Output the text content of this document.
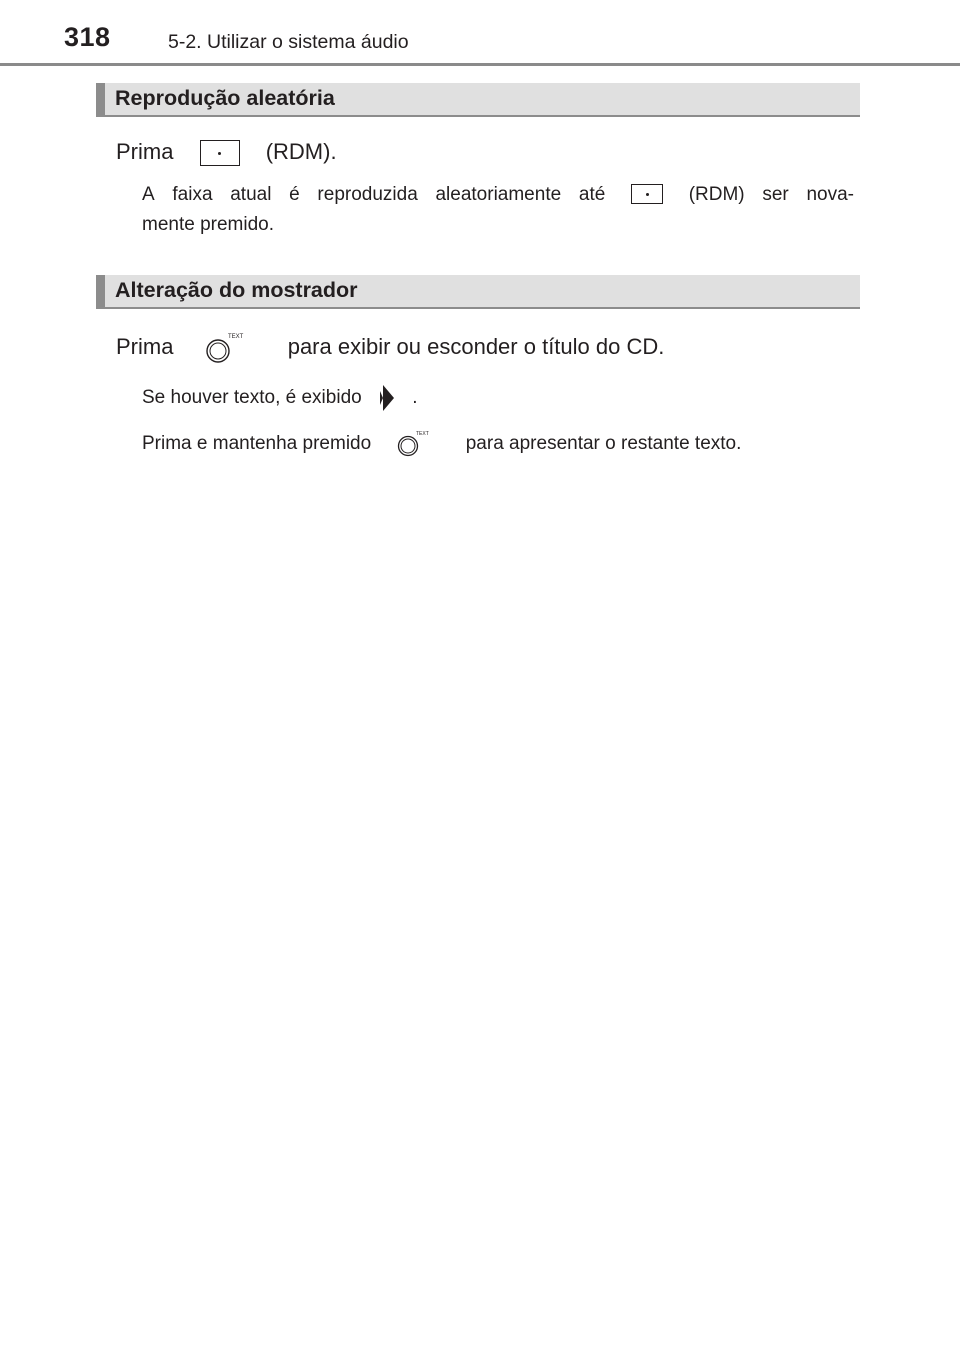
318	5-2. Utilizar o sistema áudio
Reprodução aleatória
Prima	(RDM).
A faixa atual é reproduzida aleatoriamente até	(RDM) ser nova-
mente premido.
Alteração do mostrador
Prima	TEXT para exibir ou esconder o título do CD.
Se houver texto, é exibido	.
Prima e mantenha premido	TEXT para apresentar o restante texto.
